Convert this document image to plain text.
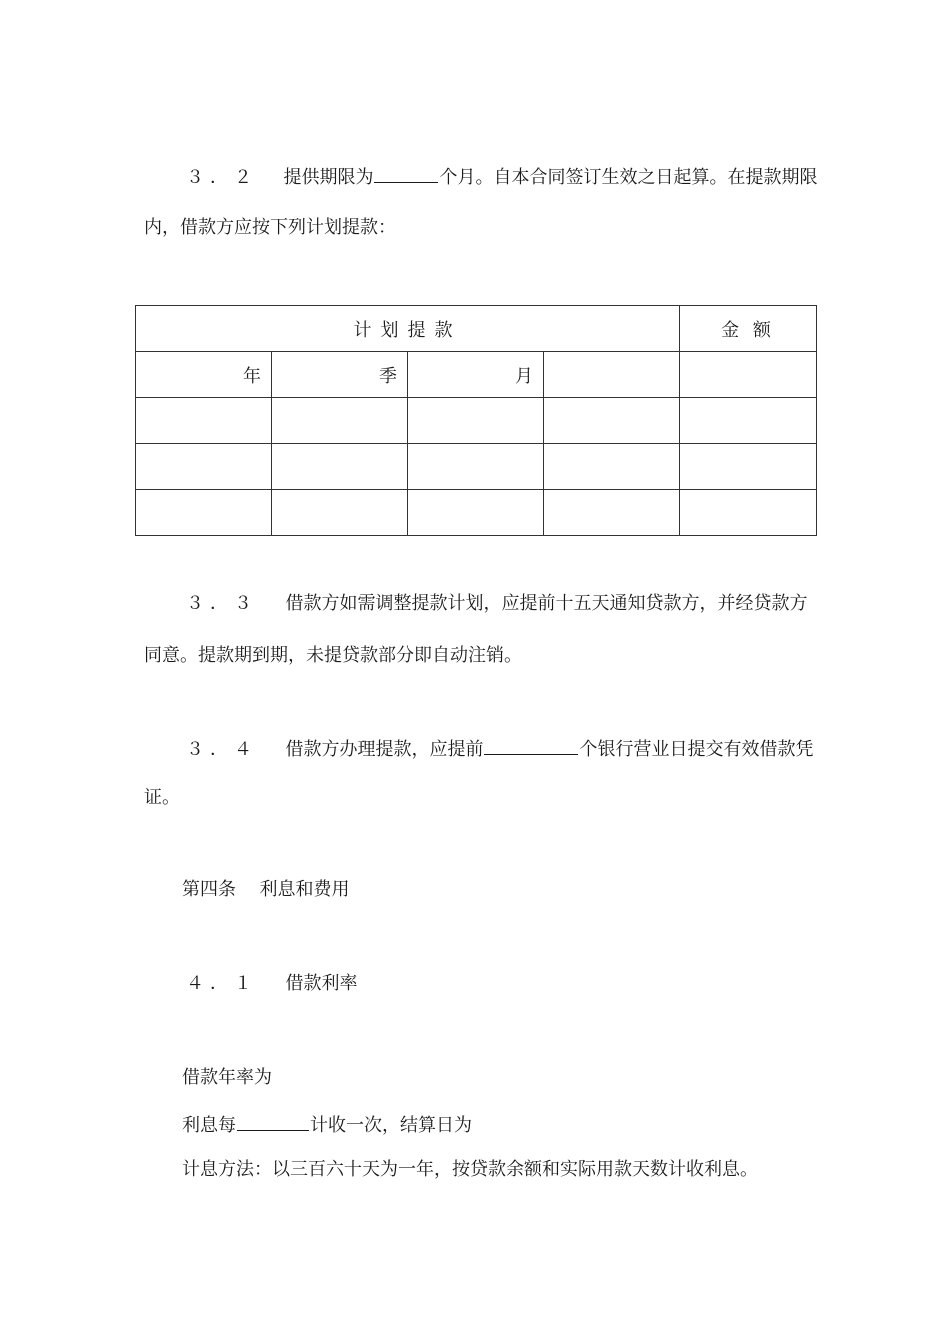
３．２ 提供期限为	个月。自本合同签订生效之日起算。在提款期限
内，借款方应按下列计划提款：
计划提款				金 额
年	季	月		

３．３ 借款方如需调整提款计划，应提前十五天通知贷款方，并经贷款方
同意。提款期到期，未提贷款部分即自动注销。
３．４ 借款方办理提款，应提前	个银行营业日提交有效借款凭
证。
第四条 利息和费用
４．１ 借款利率
借款年率为
利息每	计收一次，结算日为
计息方法：以三百六十天为一年，按贷款余额和实际用款天数计收利息。
